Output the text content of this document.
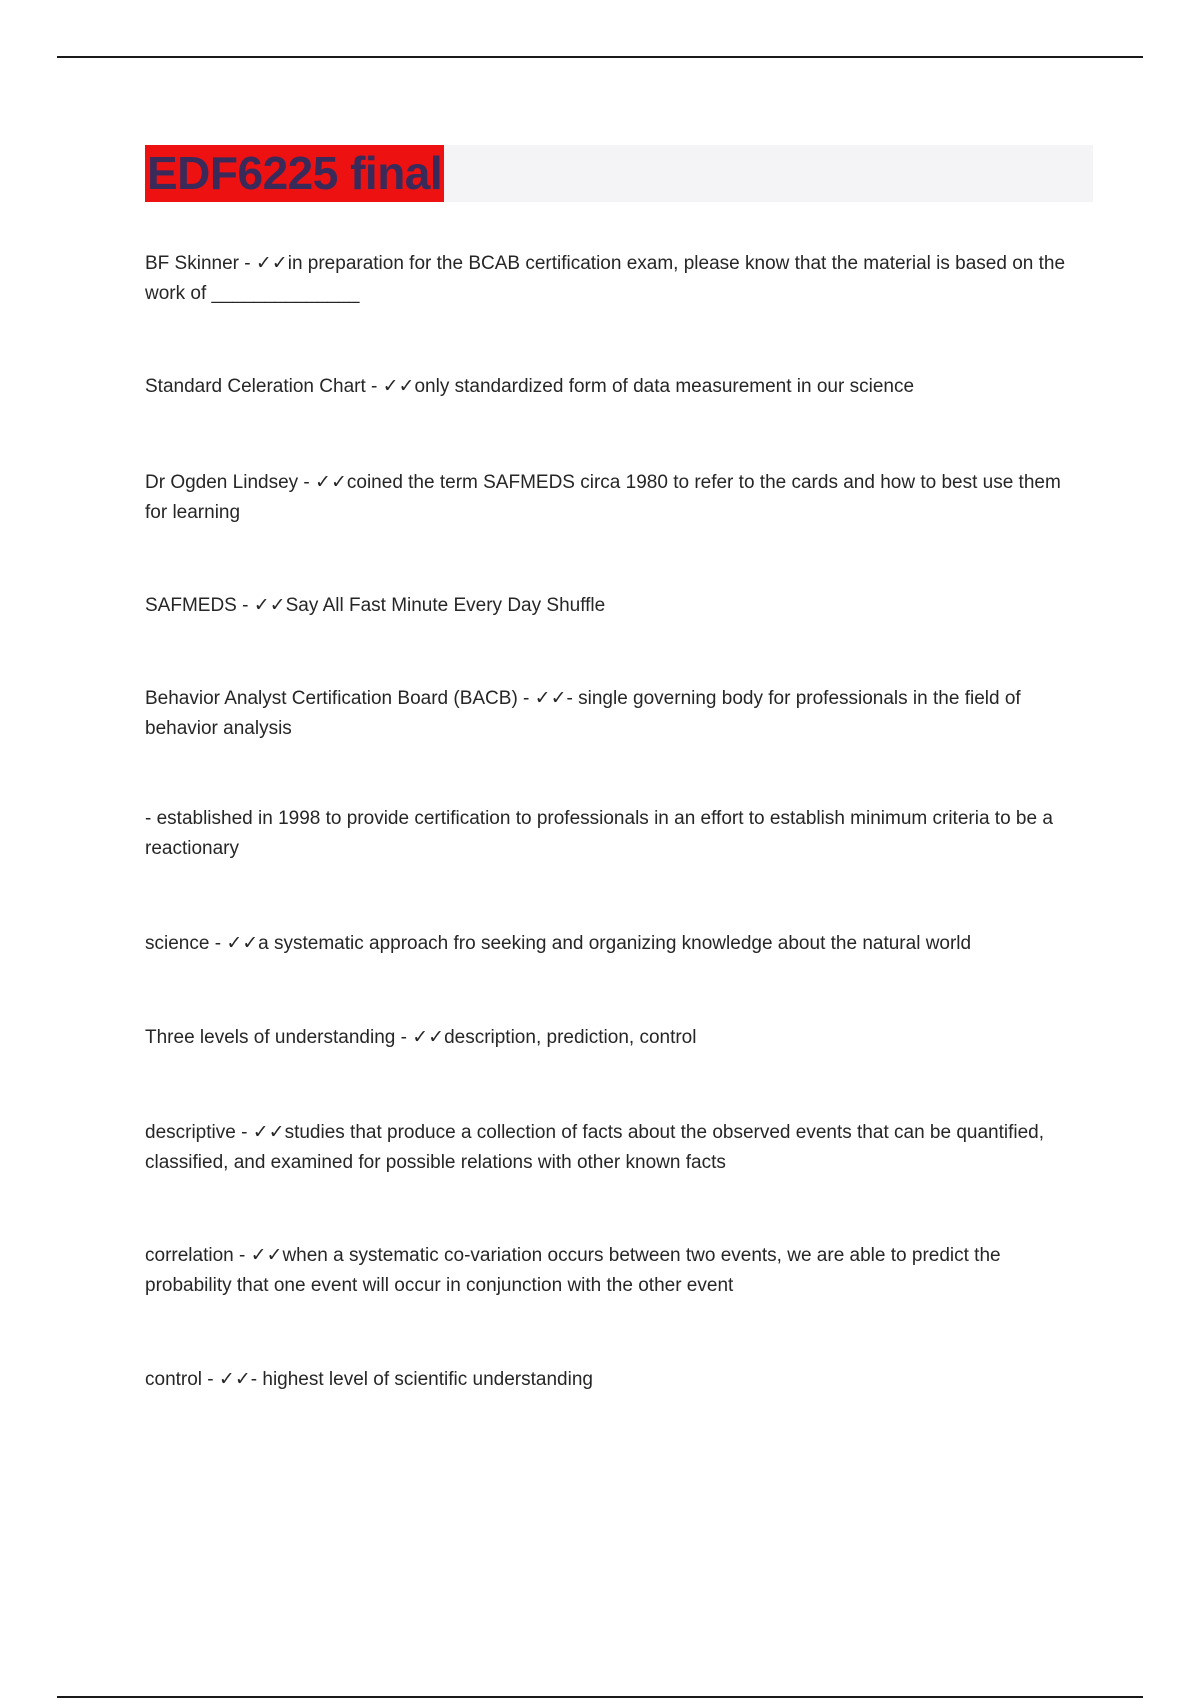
EDF6225 final

BF Skinner - ✓✓in preparation for the BCAB certification exam, please know that the material is based on the work of ______________

Standard Celeration Chart - ✓✓only standardized form of data measurement in our science

Dr Ogden Lindsey - ✓✓coined the term SAFMEDS circa 1980 to refer to the cards and how to best use them for learning

SAFMEDS - ✓✓Say All Fast Minute Every Day Shuffle

Behavior Analyst Certification Board (BACB) - ✓✓- single governing body for professionals in the field of behavior analysis

- established in 1998 to provide certification to professionals in an effort to establish minimum criteria to be a reactionary

science - ✓✓a systematic approach fro seeking and organizing knowledge about the natural world

Three levels of understanding - ✓✓description, prediction, control

descriptive - ✓✓studies that produce a collection of facts about the observed events that can be quantified, classified, and examined for possible relations with other known facts

correlation - ✓✓when a systematic co-variation occurs between two events, we are able to predict the probability that one event will occur in conjunction with the other event

control - ✓✓- highest level of scientific understanding
